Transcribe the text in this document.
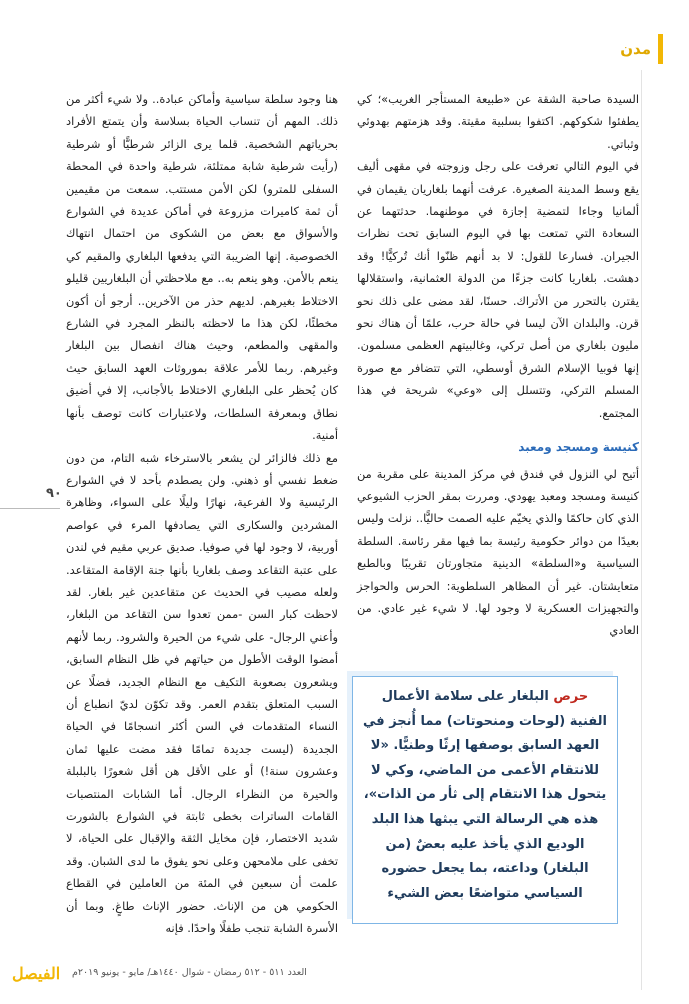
مدن
٩٠

السيدة صاحبة الشقة عن «طبيعة المستأجر الغريب»؛ كي يطفئوا شكوكهم. اكتفوا بسلبية مقيتة. وقد هزمتهم بهدوئي وثباتي.

في اليوم التالي تعرفت على رجل وزوجته في مقهى أليف يقع وسط المدينة الصغيرة. عرفت أنهما بلغاريان يقيمان في ألمانيا وجاءا لتمضية إجازة في موطنهما. حدثتهما عن السعادة التي تمتعت بها في اليوم السابق تحت نظرات الجيران. فسارعا للقول: لا بد أنهم ظنّوا أنك تُركيًّا! وقد دهشت. بلغاريا كانت جزءًا من الدولة العثمانية، واستقلالها يقترن بالتحرر من الأتراك. حسنًا، لقد مضى على ذلك نحو قرن. والبلدان الآن ليسا في حالة حرب، علمًا أن هناك نحو مليون بلغاري من أصل تركي، وغالبيتهم العظمى مسلمون. إنها فوبيا الإسلام الشرق أوسطي، التي تتضافر مع صورة المسلم التركي، وتتسلل إلى «وعي» شريحة في هذا المجتمع.

كنيسة ومسجد ومعبد

أتيح لي النزول في فندق في مركز المدينة على مقربة من كنيسة ومسجد ومعبد يهودي. ومررت بمقر الحزب الشيوعي الذي كان حاكمًا والذي يخيّم عليه الصمت حاليًّا.. نزلت وليس بعيدًا من دوائر حكومية رئيسة بما فيها مقر رئاسة. السلطة السياسية و«السلطة» الدينية متجاورتان تقريبًا وبالطبع متعايشتان. غير أن المظاهر السلطوية: الحرس والحواجز والتجهيزات العسكرية لا وجود لها. لا شيء غير عادي. من العادي

هنا وجود سلطة سياسية وأماكن عبادة.. ولا شيء أكثر من ذلك. المهم أن تنساب الحياة بسلاسة وأن يتمتع الأفراد بحرياتهم الشخصية. قلما يرى الزائر شرطيًّا أو شرطية (رأيت شرطية شابة ممتلئة، شرطية واحدة في المحطة السفلى للمترو) لكن الأمن مستتب. سمعت من مقيمين أن ثمة كاميرات مزروعة في أماكن عديدة في الشوارع والأسواق مع بعض من الشكوى من احتمال انتهاك الخصوصية. إنها الضريبة التي يدفعها البلغاري والمقيم كي ينعم بالأمن. وهو ينعم به.. مع ملاحظتي أن البلغاريين قليلو الاختلاط بغيرهم. لديهم حذر من الآخرين.. أرجو أن أكون مخطئًا، لكن هذا ما لاحظته بالنظر المجرد في الشارع والمقهى والمطعم، وحيث هناك انفصال بين البلغار وغيرهم. ربما للأمر علاقة بموروثات العهد السابق حيث كان يُحظر على البلغاري الاختلاط بالأجانب، إلا في أضيق نطاق وبمعرفة السلطات، ولاعتبارات كانت توصف بأنها أمنية.

مع ذلك فالزائر لن يشعر بالاسترخاء شبه التام، من دون ضغط نفسي أو ذهني. ولن يصطدم بأحد لا في الشوارع الرئيسية ولا الفرعية، نهارًا وليلًا على السواء، وظاهرة المشردين والسكارى التي يصادفها المرء في عواصم أوربية، لا وجود لها في صوفيا. صديق عربي مقيم في لندن على عتبة التقاعد وصف بلغاريا بأنها جنة الإقامة المتقاعد. ولعله مصيب في الحديث عن متقاعدين غير بلغار. لقد لاحظت كبار السن -ممن تعدوا سن التقاعد من البلغار، وأعني الرجال- على شيء من الحيرة والشرود. ربما لأنهم أمضوا الوقت الأطول من حياتهم في ظل النظام السابق، ويشعرون بصعوبة التكيف مع النظام الجديد، فضلًا عن السبب المتعلق بتقدم العمر. وقد تكوّن لديّ انطباع أن النساء المتقدمات في السن أكثر انسجامًا في الحياة الجديدة (ليست جديدة تمامًا فقد مضت عليها ثمان وعشرون سنة!) أو على الأقل هن أقل شعورًا بالبلبلة والحيرة من النظراء الرجال. أما الشابات المنتصبات القامات الساترات بخطى ثابتة في الشوارع بالشورت شديد الاختصار، فإن مخايل الثقة والإقبال على الحياة، لا تخفى على ملامحهن وعلى نحو يفوق ما لدى الشبان. وقد علمت أن سبعين في المئة من العاملين في القطاع الحكومي هن من الإناث. حضور الإناث طاغٍ. وبما أن الأسرة الشابة تنجب طفلًا واحدًا. فإنه

حرص البلغار على سلامة الأعمال الفنية (لوحات ومنحوتات) مما أُنجز في العهد السابق بوصفها إرثًا وطنيًّا. «لا للانتقام الأعمى من الماضي، وكي لا يتحول هذا الانتقام إلى ثأر من الذات»، هذه هي الرسالة التي يبثها هذا البلد الوديع الذي يأخذ عليه بعضٌ (من البلغار) وداعته، بما يجعل حضوره السياسي متواضعًا بعض الشيء
الفيصل العدد ٥١١ - ٥١٢ رمضان - شوال ١٤٤٠هـ/ مايو - يونيو ٢٠١٩م
